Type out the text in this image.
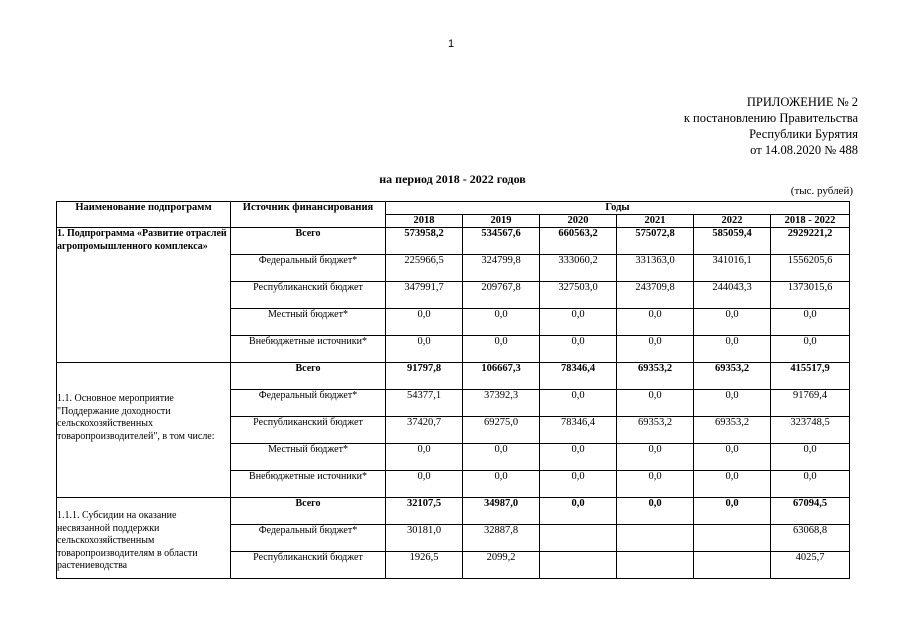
1
ПРИЛОЖЕНИЕ № 2
к постановлению Правительства
Республики Бурятия
от 14.08.2020 № 488
на период 2018 - 2022 годов
(тыс. рублей)
Наименование подпрограмм	Источник финансирования	Годы					
		2018	2019	2020	2021	2022	2018 - 2022
1. Подпрограмма «Развитие отраслей агропромышленного комплекса»	Всего	573958,2	534567,6	660563,2	575072,8	585059,4	2929221,2
	Федеральный бюджет*	225966,5	324799,8	333060,2	331363,0	341016,1	1556205,6
	Республиканский бюджет	347991,7	209767,8	327503,0	243709,8	244043,3	1373015,6
	Местный бюджет*	0,0	0,0	0,0	0,0	0,0	0,0
	Внебюджетные источники*	0,0	0,0	0,0	0,0	0,0	0,0
1.1. Основное мероприятие "Поддержание доходности сельскохозяйственных товаропроизводителей", в том числе:	Всего	91797,8	106667,3	78346,4	69353,2	69353,2	415517,9
	Федеральный бюджет*	54377,1	37392,3	0,0	0,0	0,0	91769,4
	Республиканский бюджет	37420,7	69275,0	78346,4	69353,2	69353,2	323748,5
	Местный бюджет*	0,0	0,0	0,0	0,0	0,0	0,0
	Внебюджетные источники*	0,0	0,0	0,0	0,0	0,0	0,0
1.1.1. Субсидии на оказание несвязанной поддержки сельскохозяйственным товаропроизводителям в области растениеводства	Всего	32107,5	34987,0	0,0	0,0	0,0	67094,5
	Федеральный бюджет*	30181,0	32887,8				63068,8
	Республиканский бюджет	1926,5	2099,2				4025,7
